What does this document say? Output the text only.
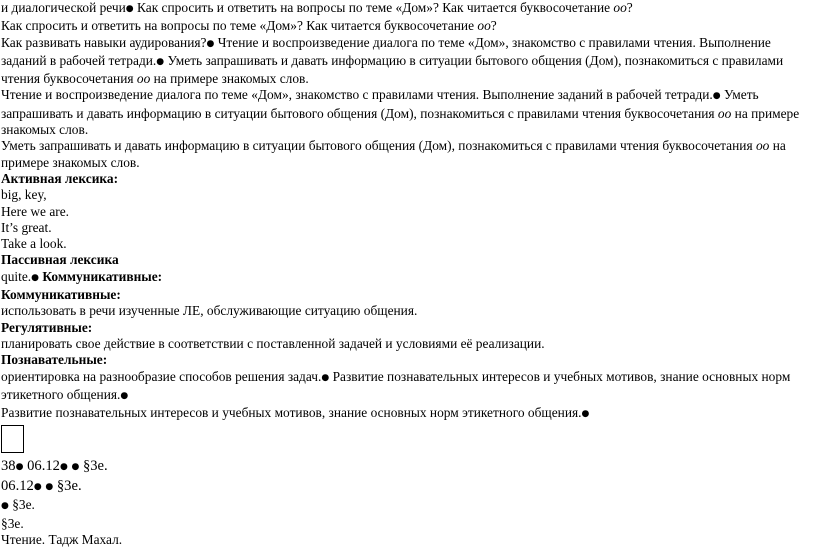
и диалогической речи● Как спросить и ответить на вопросы по теме «Дом»? Как читается буквосочетание oo?

Как спросить и ответить на вопросы по теме «Дом»? Как читается буквосочетание oo?

Как развивать навыки аудирования?● Чтение и воспроизведение диалога по теме «Дом», знакомство с правилами чтения. Выполнение заданий в рабочей тетради.● Уметь запрашивать и давать информацию в ситуации бытового общения (Дом), познакомиться с правилами чтения буквосочетания oo на примере знакомых слов.

Чтение и воспроизведение диалога по теме «Дом», знакомство с правилами чтения. Выполнение заданий в рабочей тетради.● Уметь запрашивать и давать информацию в ситуации бытового общения (Дом), познакомиться с правилами чтения буквосочетания oo на примере знакомых слов.

Уметь запрашивать и давать информацию в ситуации бытового общения (Дом), познакомиться с правилами чтения буквосочетания oo на примере знакомых слов.

Активная лексика:

big, key,

Here we are.

It’s great.

Take a look.

Пассивная лексика

quite.● Коммуникативные:

Коммуникативные:

использовать в речи изученные ЛЕ, обслуживающие ситуацию общения.

Регулятивные:

планировать свое действие в соответствии с поставленной задачей и условиями её реализации.

Познавательные:

ориентировка на разнообразие способов решения задач.● Развитие познавательных интересов и учебных мотивов, знание основных норм этикетного общения.●

Развитие познавательных интересов и учебных мотивов, знание основных норм этикетного общения.●

38● 06.12● ● §3e.

06.12● ● §3e.

● §3e.

§3e.

Чтение. Тадж Махал.
